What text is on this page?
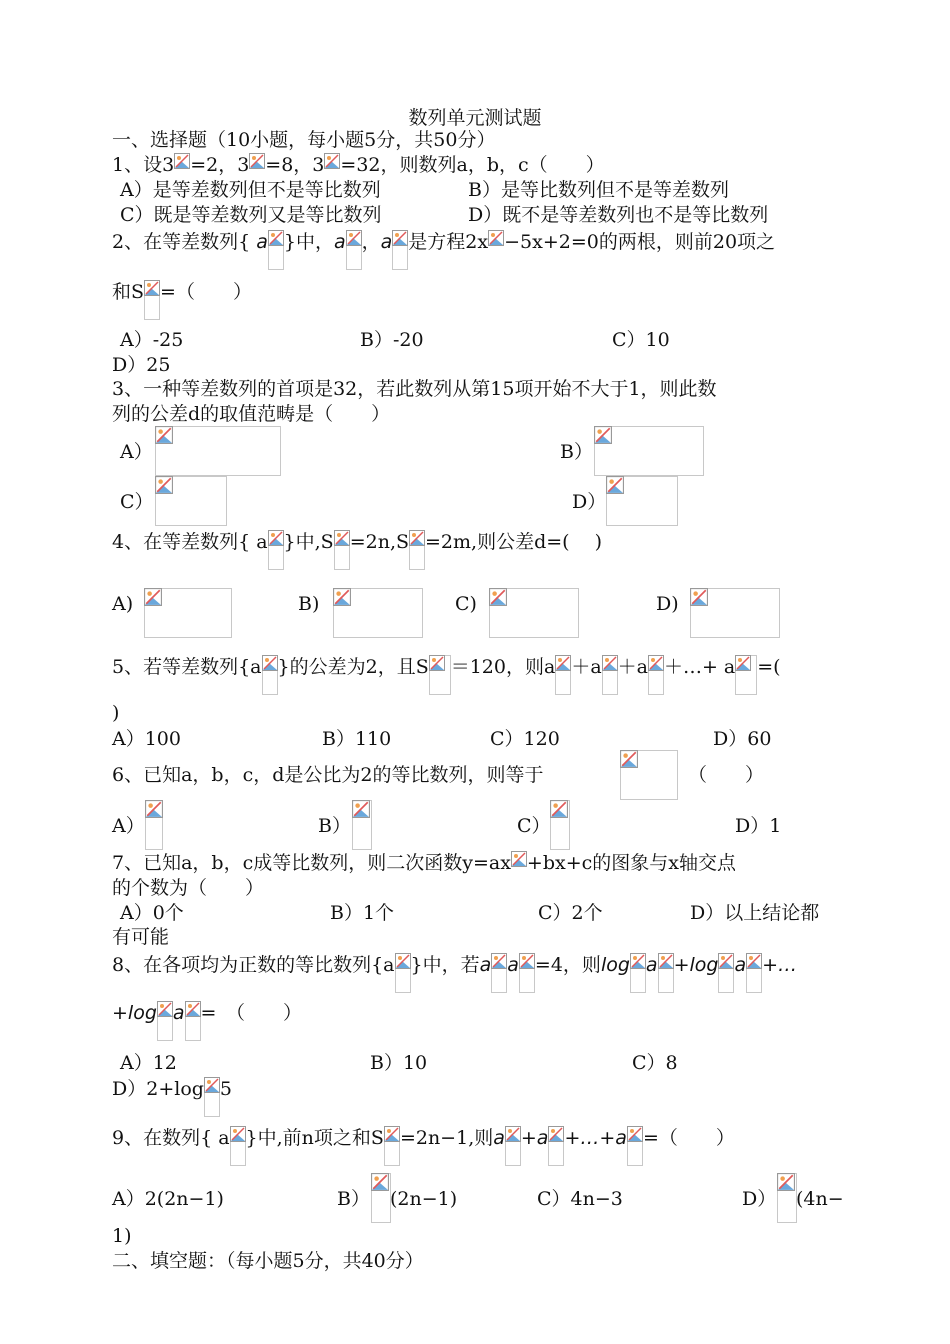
数列单元测试题
一、选择题（10小题，每小题5分，共50分）
1、设3 =2，3 =8，3 =32，则数列a，b，c（　　）
A）是等差数列但不是等比数列	B）是等比数列但不是等差数列
C）既是等差数列又是等比数列	D）既不是等差数列也不是等比数列
2、在等差数列{ a }中，a ，a 是方程2x −5x+2=0的两根，则前20项之
和S =（　　）
A）-25	B）-20	C）10
D）25
3、一种等差数列的首项是32，若此数列从第15项开始不大于1，则此数
列的公差d的取值范畴是（　　）
A）	B）
C）	D）
4、在等差数列{ a }中,S =2n,S =2m,则公差d=(　 )
A)	B)	C)	D)
5、若等差数列{a }的公差为2，且S ＝120，则a ＋a ＋a ＋…+ a =(
)
A）100	B）110	C）120	D）60
6、已知a，b，c，d是公比为2的等比数列，则等于	（　　）
A）	B）	C）	D）1
7、已知a，b，c成等比数列，则二次函数y=ax +bx+c的图象与x轴交点
的个数为（　　）
A）0个	B）1个	C）2个	D）以上结论都
有可能
8、在各项均为正数的等比数列{a }中，若a a =4，则log a +log a +…
+log a =　（　　）
A）12	B）10	C）8
D）2+log 5
9、在数列{ a }中,前n项之和S =2n−1,则a +a +…+a =（　　）
A）2(2n−1)	B） (2n−1)	C）4n−3	D） (4n−
1)
二、填空题：（每小题5分，共40分）
